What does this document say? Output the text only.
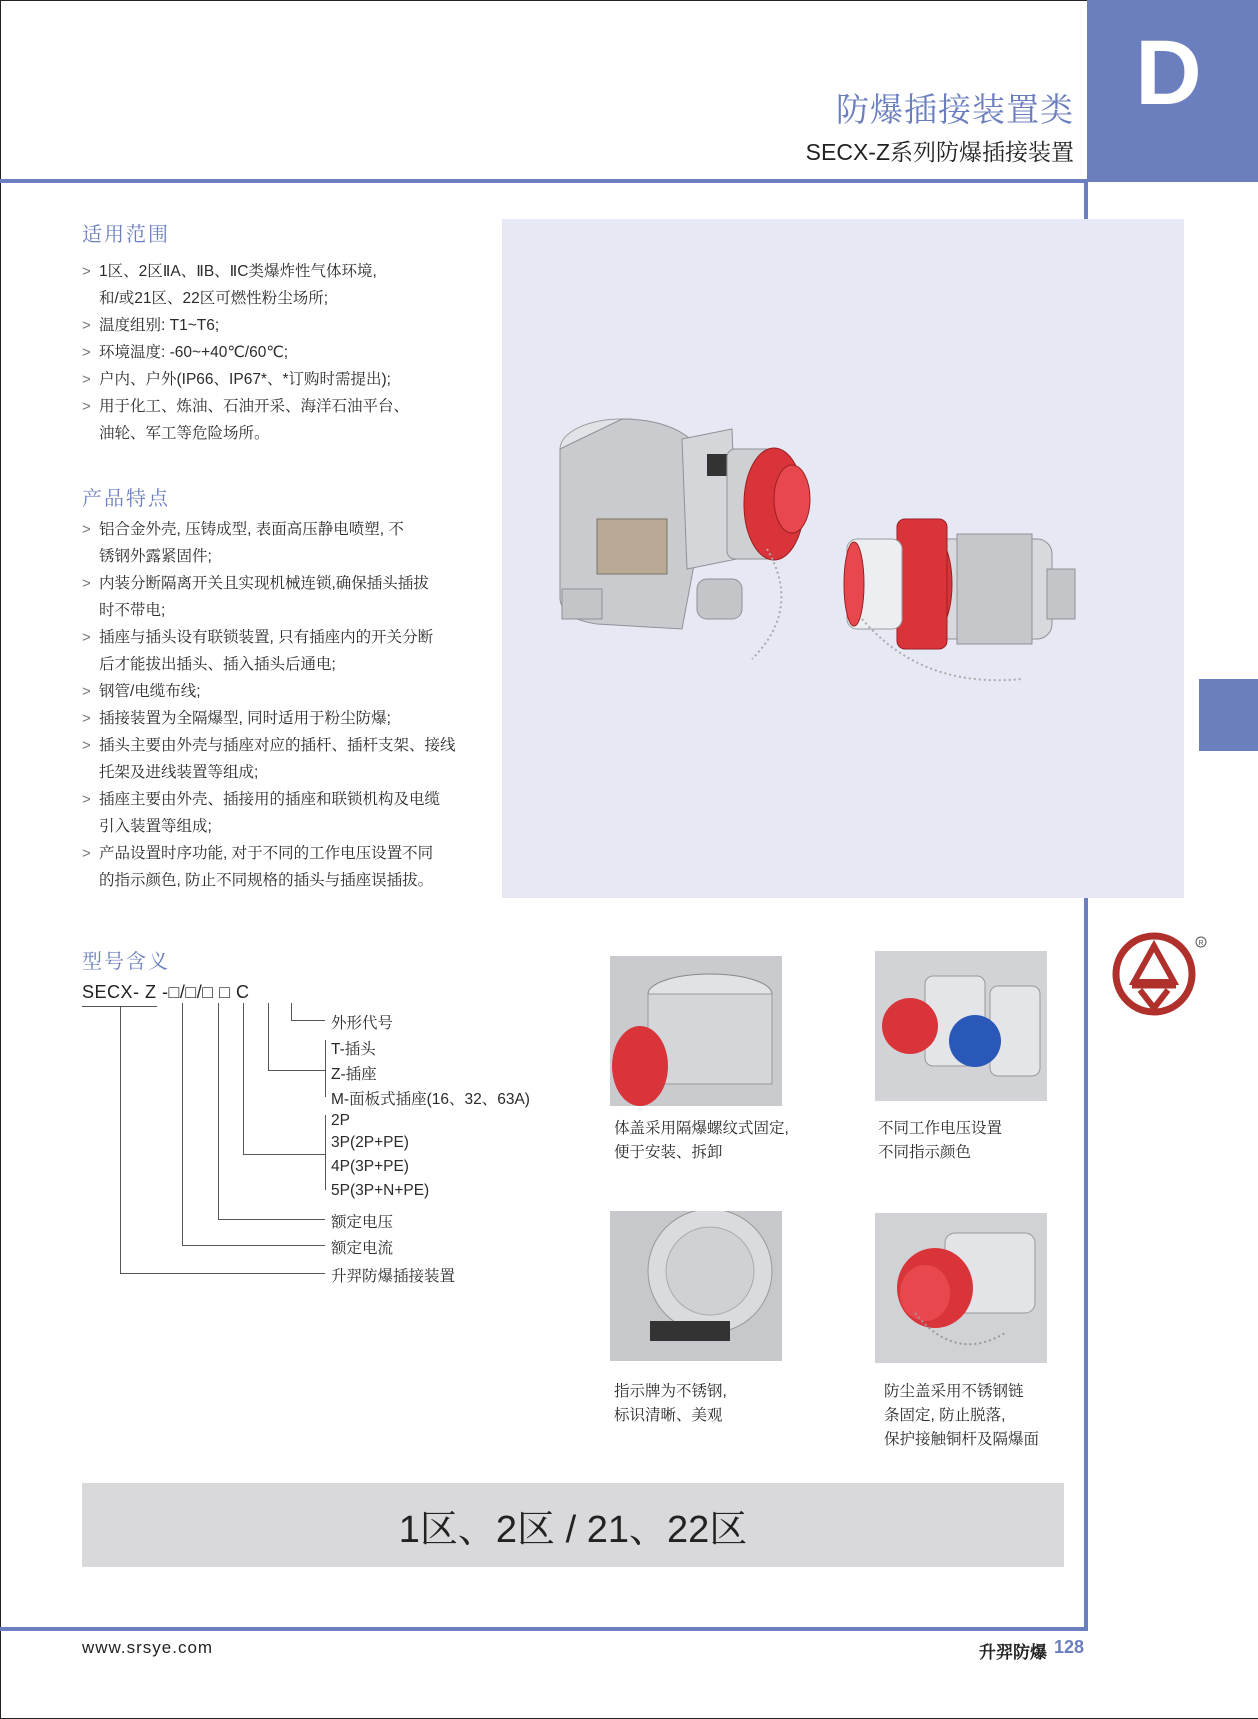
D
防爆插接装置类
SECX-Z系列防爆插接装置
适用范围
> 1区、2区ⅡA、ⅡB、ⅡC类爆炸性气体环境,
和/或21区、22区可燃性粉尘场所;
> 温度组别: T1~T6;
> 环境温度: -60~+40℃/60℃;
> 户内、户外(IP66、IP67*、*订购时需提出);
> 用于化工、炼油、石油开采、海洋石油平台、
油轮、军工等危险场所。
产品特点
> 铝合金外壳, 压铸成型, 表面高压静电喷塑, 不
锈钢外露紧固件;
> 内装分断隔离开关且实现机械连锁,确保插头插拔
时不带电;
> 插座与插头设有联锁装置, 只有插座内的开关分断
后才能拔出插头、插入插头后通电;
> 钢管/电缆布线;
> 插接装置为全隔爆型, 同时适用于粉尘防爆;
> 插头主要由外壳与插座对应的插杆、插杆支架、接线
托架及进线装置等组成;
> 插座主要由外壳、插接用的插座和联锁机构及电缆
引入装置等组成;
> 产品设置时序功能, 对于不同的工作电压设置不同
的指示颜色, 防止不同规格的插头与插座误插拔。
型号含义
SECX- Z -□/□/□ □ C
外形代号
T-插头
Z-插座
M-面板式插座(16、32、63A)
2P
3P(2P+PE)
4P(3P+PE)
5P(3P+N+PE)
额定电压
额定电流
升羿防爆插接装置
体盖采用隔爆螺纹式固定,
便于安装、拆卸
不同工作电压设置
不同指示颜色
指示牌为不锈钢,
标识清晰、美观
防尘盖采用不锈钢链
条固定, 防止脱落,
保护接触铜杆及隔爆面
R
1区、2区 / 21、22区
www.srsye.com	升羿防爆 128
